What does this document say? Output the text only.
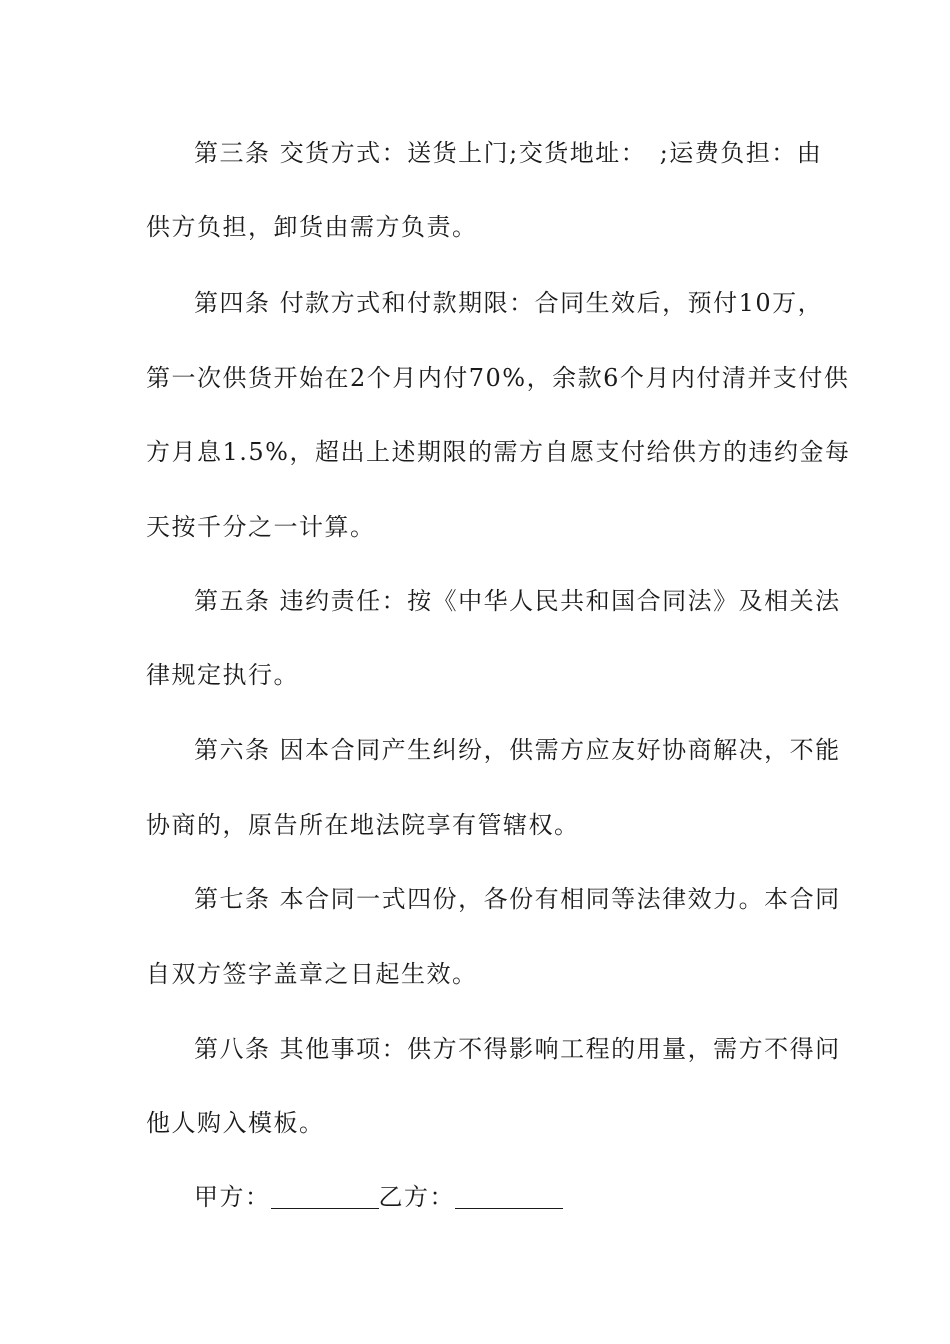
第三条 交货方式：送货上门;交货地址：　;运费负担：由
供方负担，卸货由需方负责。
第四条 付款方式和付款期限：合同生效后，预付10万，
第一次供货开始在2个月内付70%，余款6个月内付清并支付供
方月息1.5%，超出上述期限的需方自愿支付给供方的违约金每
天按千分之一计算。
第五条 违约责任：按《中华人民共和国合同法》及相关法
律规定执行。
第六条 因本合同产生纠纷，供需方应友好协商解决，不能
协商的，原告所在地法院享有管辖权。
第七条 本合同一式四份，各份有相同等法律效力。本合同
自双方签字盖章之日起生效。
第八条 其他事项：供方不得影响工程的用量，需方不得问
他人购入模板。
甲方：	乙方：
